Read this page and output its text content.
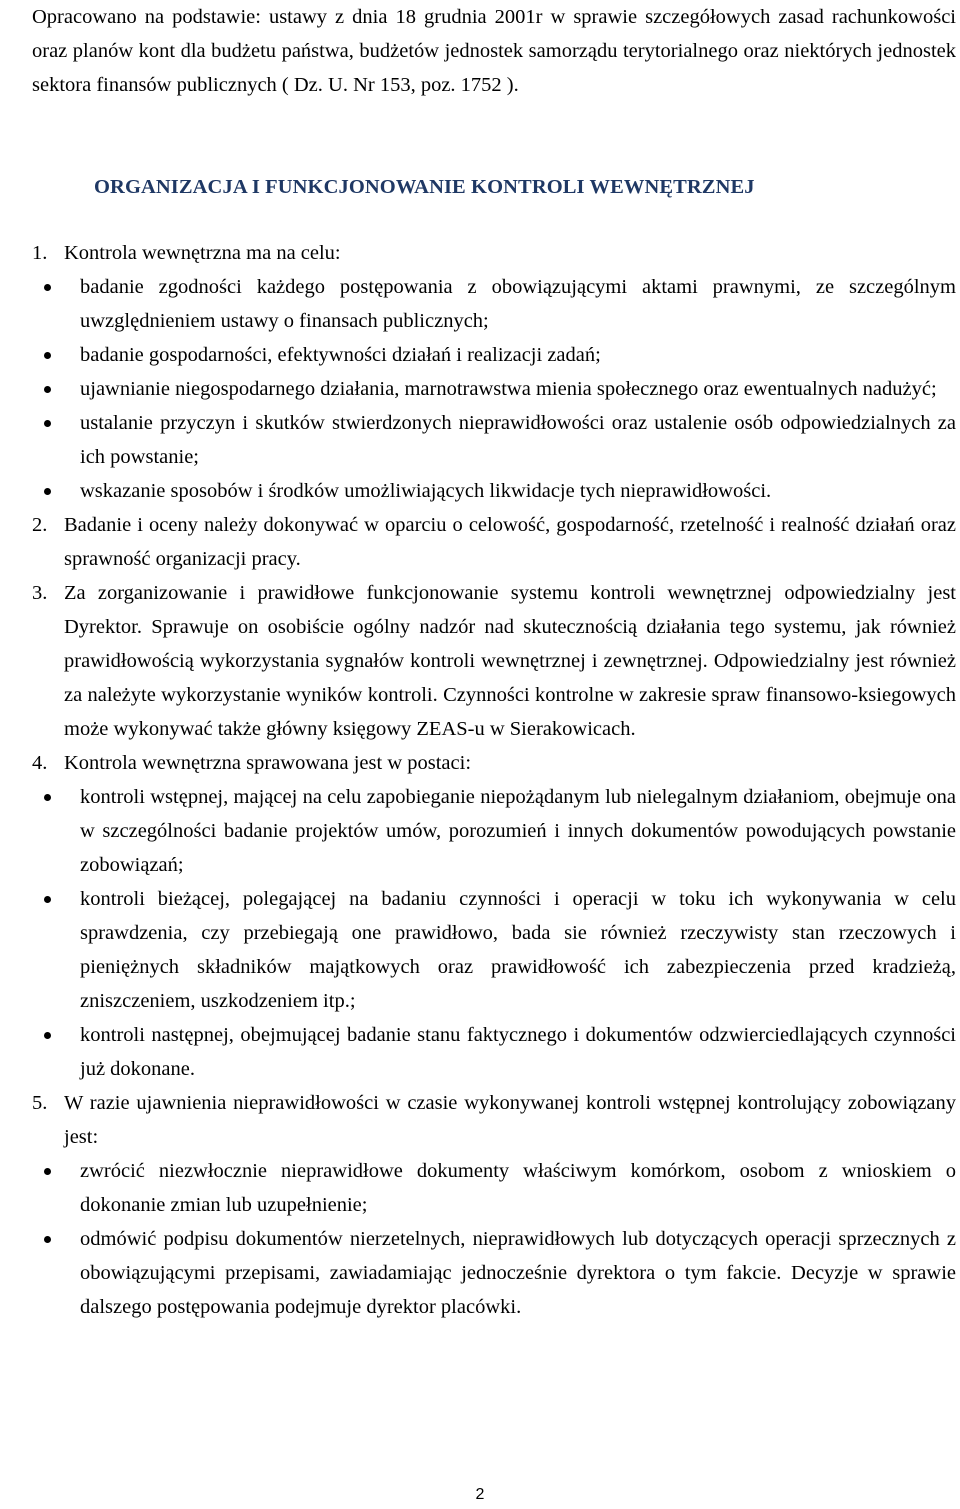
Opracowano na podstawie: ustawy z dnia 18 grudnia 2001r w sprawie szczegółowych zasad rachunkowości oraz planów kont dla budżetu państwa, budżetów jednostek samorządu terytorialnego oraz niektórych jednostek sektora finansów publicznych ( Dz. U. Nr 153, poz. 1752 ).

ORGANIZACJA I FUNKCJONOWANIE KONTROLI WEWNĘTRZNEJ
1. Kontrola wewnętrzna ma na celu:

badanie zgodności każdego postępowania z obowiązującymi aktami prawnymi, ze szczególnym uwzględnieniem ustawy o finansach publicznych;
badanie gospodarności, efektywności działań i realizacji zadań;
ujawnianie niegospodarnego działania, marnotrawstwa mienia społecznego oraz ewentualnych nadużyć;
ustalanie przyczyn i skutków stwierdzonych nieprawidłowości oraz ustalenie osób odpowiedzialnych za ich powstanie;
wskazanie sposobów i środków umożliwiających likwidacje tych nieprawidłowości.
2. Badanie i oceny należy dokonywać w oparciu o celowość, gospodarność, rzetelność i realność działań oraz sprawność organizacji pracy.

3. Za zorganizowanie i prawidłowe funkcjonowanie systemu kontroli wewnętrznej odpowiedzialny jest Dyrektor. Sprawuje on osobiście ogólny nadzór nad skutecznością działania tego systemu, jak również prawidłowością wykorzystania sygnałów kontroli wewnętrznej i zewnętrznej. Odpowiedzialny jest również za należyte wykorzystanie wyników kontroli. Czynności kontrolne w zakresie spraw finansowo-ksiegowych może wykonywać także główny księgowy ZEAS-u w Sierakowicach.

4. Kontrola wewnętrzna sprawowana jest w postaci:

kontroli wstępnej, mającej na celu zapobieganie niepożądanym lub nielegalnym działaniom, obejmuje ona w szczególności badanie projektów umów, porozumień i innych dokumentów powodujących powstanie zobowiązań;
kontroli bieżącej, polegającej na badaniu czynności i operacji w toku ich wykonywania w celu sprawdzenia, czy przebiegają one prawidłowo, bada sie również rzeczywisty stan rzeczowych i pieniężnych składników majątkowych oraz prawidłowość ich zabezpieczenia przed kradzieżą, zniszczeniem, uszkodzeniem itp.;
kontroli następnej, obejmującej badanie stanu faktycznego i dokumentów odzwierciedlających czynności już dokonane.
5. W razie ujawnienia nieprawidłowości w czasie wykonywanej kontroli wstępnej kontrolujący zobowiązany jest:

zwrócić niezwłocznie nieprawidłowe dokumenty właściwym komórkom, osobom z wnioskiem o dokonanie zmian lub uzupełnienie;
odmówić podpisu dokumentów nierzetelnych, nieprawidłowych lub dotyczących operacji sprzecznych z obowiązującymi przepisami, zawiadamiając jednocześnie dyrektora o tym fakcie. Decyzje w sprawie dalszego postępowania podejmuje dyrektor placówki.
2
